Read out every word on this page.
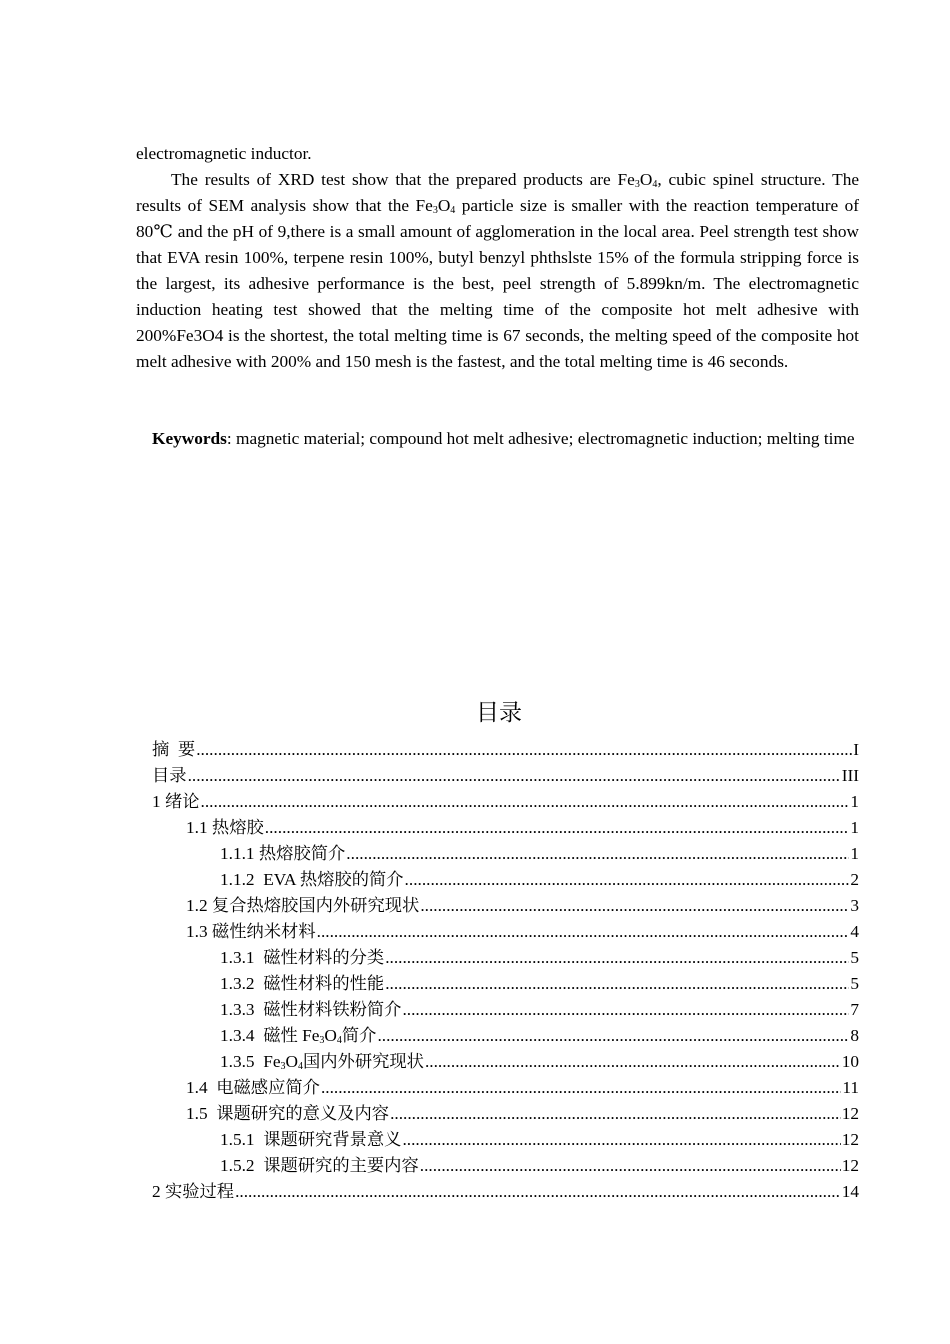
electromagnetic inductor.

The results of XRD test show that the prepared products are $Fe_3O_4$, cubic spinel structure. The results of SEM analysis show that the $Fe_3O_4$ particle size is smaller with the reaction temperature of 80℃ and the pH of 9,there is a small amount of agglomeration in the local area. Peel strength test show that EVA resin 100%, terpene resin 100%, butyl benzyl phthslste 15% of the formula stripping force is the largest, its adhesive performance is the best, peel strength of 5.899kn/m. The electromagnetic induction heating test showed that the melting time of the composite hot melt adhesive with 200%Fe3O4 is the shortest, the total melting time is 67 seconds, the melting speed of the composite hot melt adhesive with 200% and 150 mesh is the fastest, and the total melting time is 46 seconds.

Keywords: magnetic material; compound hot melt adhesive; electromagnetic induction; melting time
目录
摘  要 .....	I
目录 .....	III
1 绪论 .....	1
1.1 热熔胶 .....	1
1.1.1 热熔胶简介 .....	1
1.1.2  EVA 热熔胶的简介 .....	2
1.2 复合热熔胶国内外研究现状 .....	3
1.3 磁性纳米材料 .....	4
1.3.1  磁性材料的分类 .....	5
1.3.2  磁性材料的性能 .....	5
1.3.3  磁性材料铁粉简介 .....	7
1.3.4  磁性 $Fe_3O_4$简介 .....	8
1.3.5  $Fe_3O_4$国内外研究现状 .....	10
1.4  电磁感应简介 .....	11
1.5  课题研究的意义及内容 .....	12
1.5.1  课题研究背景意义 .....	12
1.5.2  课题研究的主要内容 .....	12
2 实验过程 .....	14
